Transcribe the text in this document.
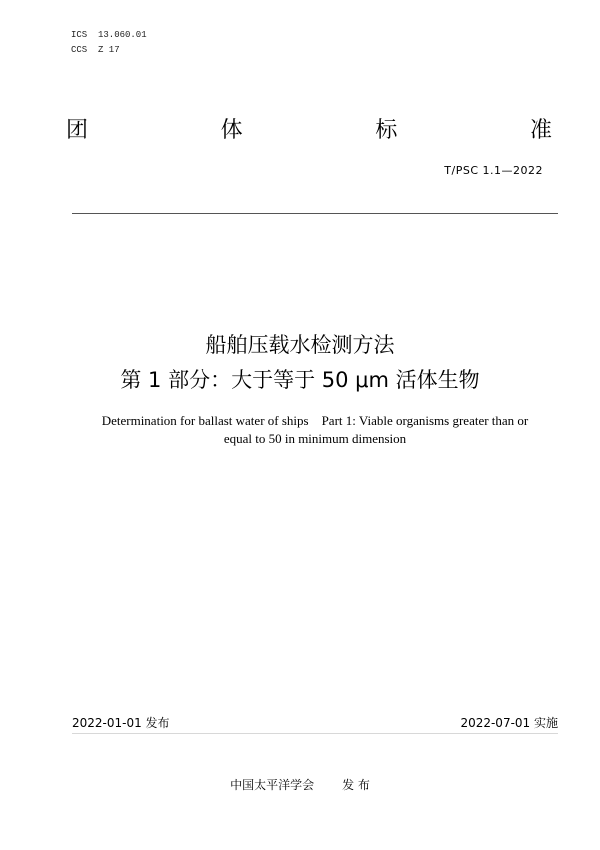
ICS  13.060.01
CCS  Z 17
团	体	标	准
T/PSC 1.1—2022
船舶压载水检测方法
第 1 部分：大于等于 50 μm 活体生物
Determination for ballast water of ships    Part 1: Viable organisms greater than or
equal to 50 in minimum dimension
2022-01-01 发布	2022-07-01 实施
中国太平洋学会 发 布
